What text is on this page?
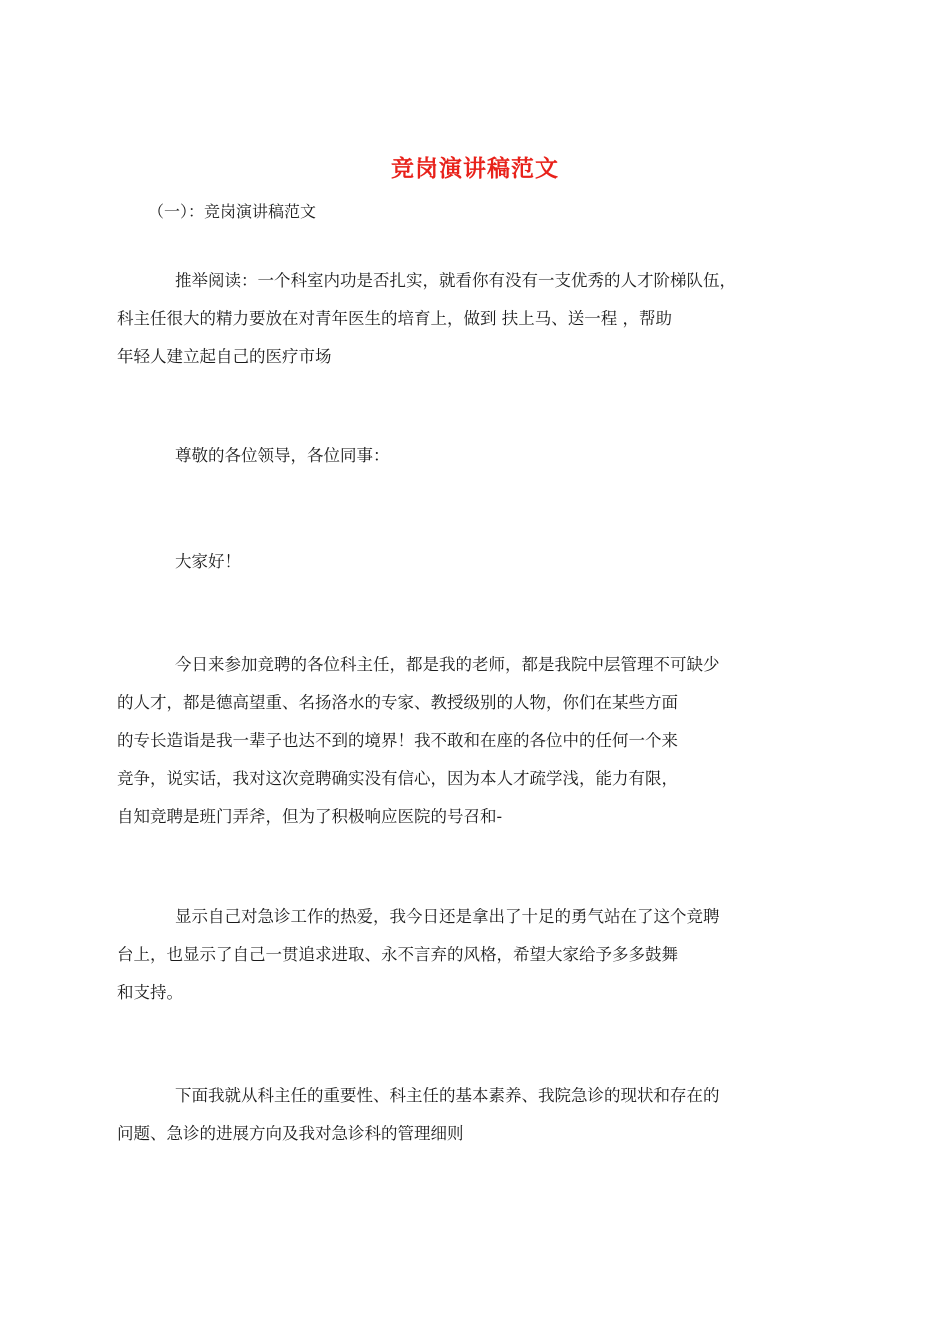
竞岗演讲稿范文
（一）：竞岗演讲稿范文
推举阅读：一个科室内功是否扎实，就看你有没有一支优秀的人才阶梯队伍，
科主任很大的精力要放在对青年医生的培育上，做到 扶上马、送一程 ，帮助
年轻人建立起自己的医疗市场
尊敬的各位领导，各位同事：
大家好！
今日来参加竞聘的各位科主任，都是我的老师，都是我院中层管理不可缺少
的人才，都是德高望重、名扬洛水的专家、教授级别的人物，你们在某些方面
的专长造诣是我一辈子也达不到的境界！我不敢和在座的各位中的任何一个来
竞争，说实话，我对这次竞聘确实没有信心，因为本人才疏学浅，能力有限，
自知竞聘是班门弄斧，但为了积极响应医院的号召和-
显示自己对急诊工作的热爱，我今日还是拿出了十足的勇气站在了这个竞聘
台上，也显示了自己一贯追求进取、永不言弃的风格，希望大家给予多多鼓舞
和支持。
下面我就从科主任的重要性、科主任的基本素养、我院急诊的现状和存在的
问题、急诊的进展方向及我对急诊科的管理细则
